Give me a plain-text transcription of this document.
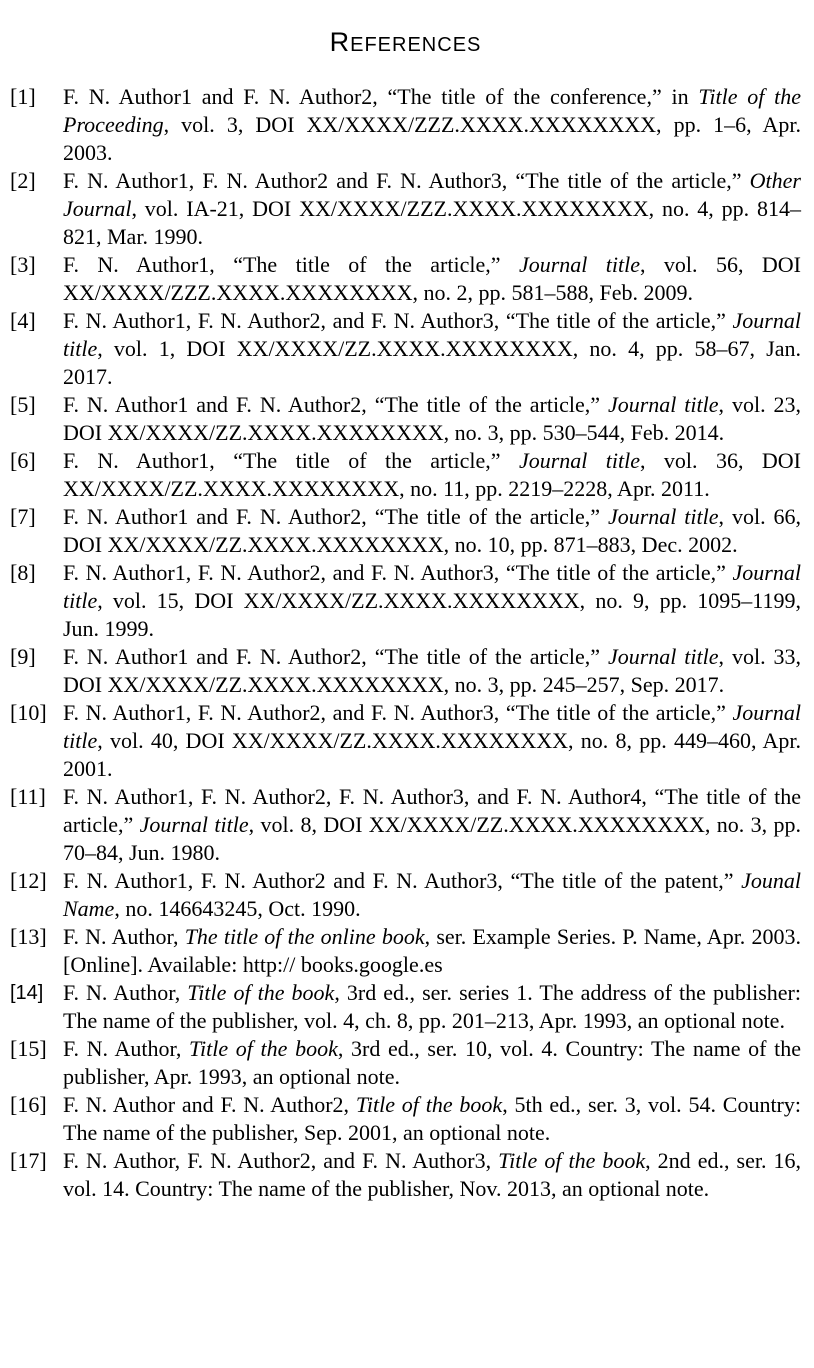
REFERENCES
[1]	F. N. Author1 and F. N. Author2, “The title of the conference,” in Title of the Proceeding, vol. 3, DOI XX/XXXX/ZZZ.XXXX.XXXXXXXX, pp. 1–6, Apr. 2003.

[2]	F. N. Author1, F. N. Author2 and F. N. Author3, “The title of the article,” Other Journal, vol. IA-21, DOI XX/XXXX/ZZZ.XXXX.XXXXXXXX, no. 4, pp. 814–821, Mar. 1990.

[3]	F. N. Author1, “The title of the article,” Journal title, vol. 56, DOI XX/XXXX/ZZZ.XXXX.XXXXXXXX, no. 2, pp. 581–588, Feb. 2009.

[4]	F. N. Author1, F. N. Author2, and F. N. Author3, “The title of the article,” Journal title, vol. 1, DOI XX/XXXX/ZZ.XXXX.XXXXXXXX, no. 4, pp. 58–67, Jan. 2017.

[5]	F. N. Author1 and F. N. Author2, “The title of the article,” Journal title, vol. 23, DOI XX/XXXX/ZZ.XXXX.XXXXXXXX, no. 3, pp. 530–544, Feb. 2014.

[6]	F. N. Author1, “The title of the article,” Journal title, vol. 36, DOI XX/XXXX/ZZ.XXXX.XXXXXXXX, no. 11, pp. 2219–2228, Apr. 2011.

[7]	F. N. Author1 and F. N. Author2, “The title of the article,” Journal title, vol. 66, DOI XX/XXXX/ZZ.XXXX.XXXXXXXX, no. 10, pp. 871–883, Dec. 2002.

[8]	F. N. Author1, F. N. Author2, and F. N. Author3, “The title of the article,” Journal title, vol. 15, DOI XX/XXXX/ZZ.XXXX.XXXXXXXX, no. 9, pp. 1095–1199, Jun. 1999.

[9]	F. N. Author1 and F. N. Author2, “The title of the article,” Journal title, vol. 33, DOI XX/XXXX/ZZ.XXXX.XXXXXXXX, no. 3, pp. 245–257, Sep. 2017.

[10] F. N. Author1, F. N. Author2, and F. N. Author3, “The title of the article,” Journal title, vol. 40, DOI XX/XXXX/ZZ.XXXX.XXXXXXXX, no. 8, pp. 449–460, Apr. 2001.

[11] F. N. Author1, F. N. Author2, F. N. Author3, and F. N. Author4, “The title of the article,” Journal title, vol. 8, DOI XX/XXXX/ZZ.XXXX.XXXXXXXX, no. 3, pp. 70–84, Jun. 1980.

[12] F. N. Author1, F. N. Author2 and F. N. Author3, “The title of the patent,” Jounal Name, no. 146643245, Oct. 1990.

[13] F. N. Author, The title of the online book, ser. Example Series. P. Name, Apr. 2003. [Online]. Available: http:// books.google.es

[14] F. N. Author, Title of the book, 3rd ed., ser. series 1. The address of the publisher: The name of the publisher, vol. 4, ch. 8, pp. 201–213, Apr. 1993, an optional note.

[15] F. N. Author, Title of the book, 3rd ed., ser. 10, vol. 4. Country: The name of the publisher, Apr. 1993, an optional note.

[16] F. N. Author and F. N. Author2, Title of the book, 5th ed., ser. 3, vol. 54. Country: The name of the publisher, Sep. 2001, an optional note.

[17] F. N. Author, F. N. Author2, and F. N. Author3, Title of the book, 2nd ed., ser. 16, vol. 14. Country: The name of the publisher, Nov. 2013, an optional note.
